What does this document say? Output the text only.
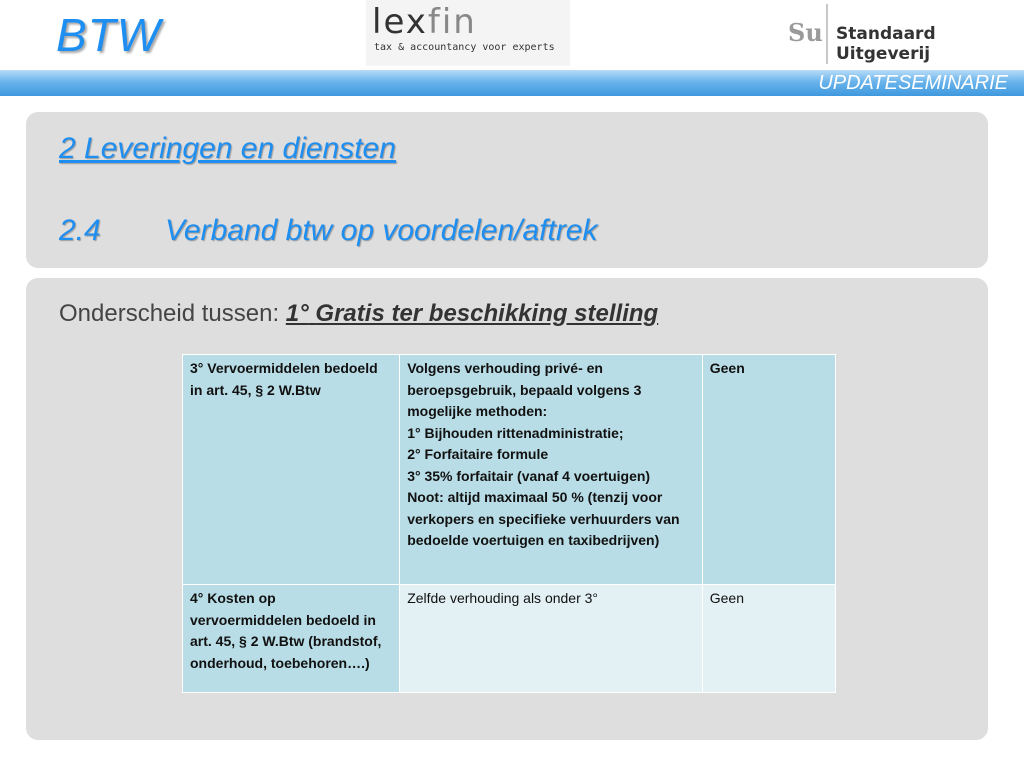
BTW	lexfin
tax & accountancy voor experts
Su Standaard Uitgeverij
UPDATESEMINARIE
2 Leveringen en diensten
2.4 Verband btw op voordelen/aftrek
Onderscheid tussen: 1° Gratis ter beschikking stelling
3° Vervoermiddelen bedoeld in art. 45, § 2 W.Btw	Volgens verhouding privé- en beroepsgebruik, bepaald volgens 3 mogelijke methoden:
1° Bijhouden rittenadministratie;
2° Forfaitaire formule
3° 35% forfaitair (vanaf 4 voertuigen)
Noot: altijd maximaal 50 % (tenzij voor verkopers en specifieke verhuurders van bedoelde voertuigen en taxibedrijven)	Geen
4° Kosten op vervoermiddelen bedoeld in art. 45, § 2 W.Btw (brandstof, onderhoud, toebehoren….)	Zelfde verhouding als onder 3°	Geen
